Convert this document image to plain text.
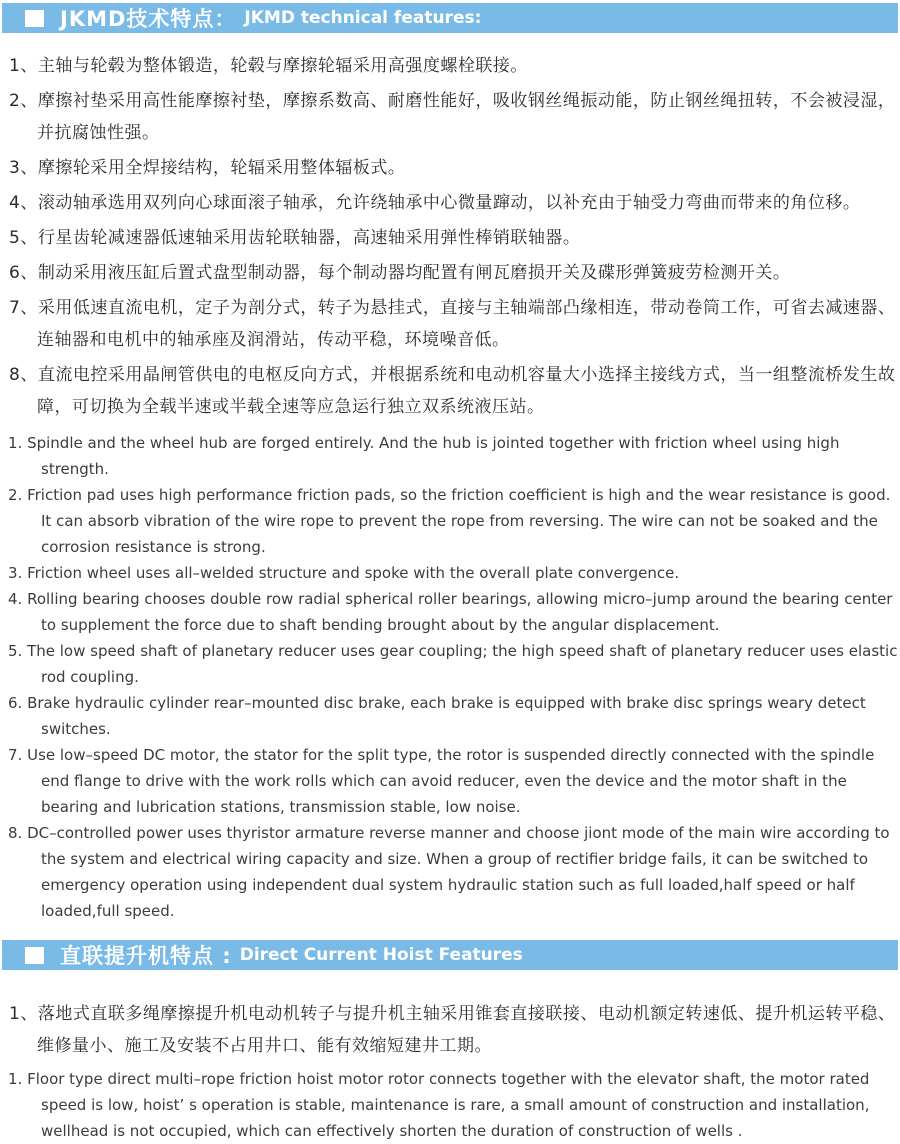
JKMD技术特点： JKMD technical features:

1、主轴与轮毂为整体锻造，轮毂与摩擦轮辐采用高强度螺栓联接。

2、摩擦衬垫采用高性能摩擦衬垫，摩擦系数高、耐磨性能好，吸收钢丝绳振动能，防止钢丝绳扭转，不会被浸湿，并抗腐蚀性强。

3、摩擦轮采用全焊接结构，轮辐采用整体辐板式。

4、滚动轴承选用双列向心球面滚子轴承，允许绕轴承中心微量蹿动，以补充由于轴受力弯曲而带来的角位移。

5、行星齿轮减速器低速轴采用齿轮联轴器，高速轴采用弹性棒销联轴器。

6、制动采用液压缸后置式盘型制动器，每个制动器均配置有闸瓦磨损开关及碟形弹簧疲劳检测开关。

7、采用低速直流电机，定子为剖分式，转子为悬挂式，直接与主轴端部凸缘相连，带动卷筒工作，可省去减速器、连轴器和电机中的轴承座及润滑站，传动平稳，环境噪音低。

8、直流电控采用晶闸管供电的电枢反向方式，并根据系统和电动机容量大小选择主接线方式，当一组整流桥发生故障，可切换为全载半速或半载全速等应急运行独立双系统液压站。

1. Spindle and the wheel hub are forged entirely. And the hub is jointed together with friction wheel using high strength.

2. Friction pad uses high performance friction pads, so the friction coefficient is high and the wear resistance is good. It can absorb vibration of the wire rope to prevent the rope from reversing. The wire can not be soaked and the corrosion resistance is strong.

3. Friction wheel uses all–welded structure and spoke with the overall plate convergence.

4. Rolling bearing chooses double row radial spherical roller bearings, allowing micro–jump around the bearing center to supplement the force due to shaft bending brought about by the angular displacement.

5. The low speed shaft of planetary reducer uses gear coupling; the high speed shaft of planetary reducer uses elastic rod coupling.

6. Brake hydraulic cylinder rear–mounted disc brake, each brake is equipped with brake disc springs weary detect switches.

7. Use low–speed DC motor, the stator for the split type, the rotor is suspended directly connected with the spindle end flange to drive with the work rolls which can avoid reducer, even the device and the motor shaft in the bearing and lubrication stations, transmission stable, low noise.

8. DC–controlled power uses thyristor armature reverse manner and choose jiont mode of the main wire according to the system and electrical wiring capacity and size. When a group of rectifier bridge fails, it can be switched to emergency operation using independent dual system hydraulic station such as full loaded,half speed or half loaded,full speed.

直联提升机特点 : Direct Current Hoist Features

1、落地式直联多绳摩擦提升机电动机转子与提升机主轴采用锥套直接联接、电动机额定转速低、提升机运转平稳、维修量小、施工及安装不占用井口、能有效缩短建井工期。

1. Floor type direct multi–rope friction hoist motor rotor connects together with the elevator shaft, the motor rated speed is low, hoist’ s operation is stable, maintenance is rare, a small amount of construction and installation, wellhead is not occupied, which can effectively shorten the duration of construction of wells .
